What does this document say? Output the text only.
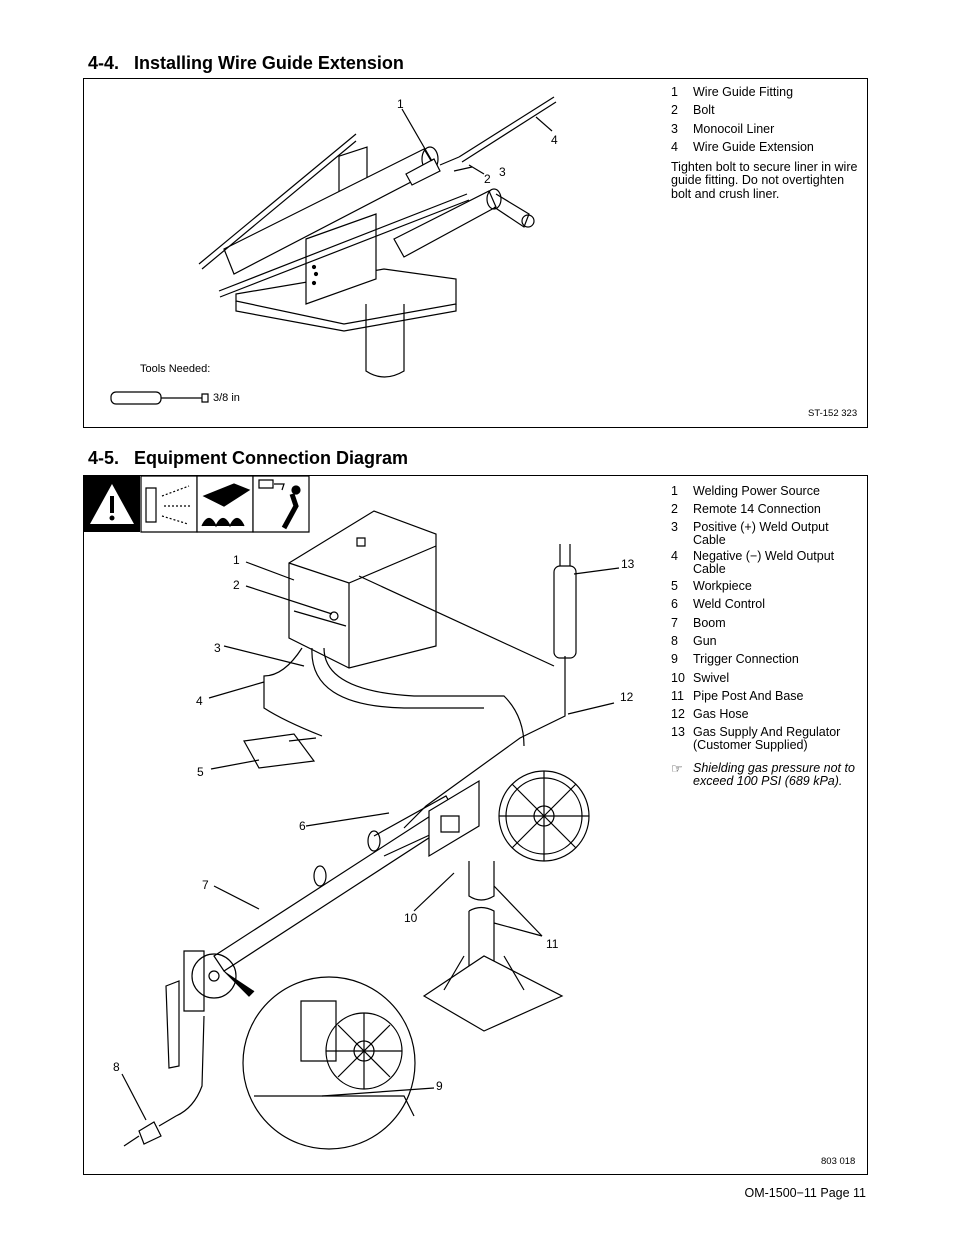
4-4.   Installing Wire Guide Extension
1
2 3
4
1	Wire Guide Fitting
2	Bolt
3	Monocoil Liner
4	Wire Guide Extension
Tighten bolt to secure liner in wire guide fitting. Do not overtighten bolt and crush liner.
Tools Needed:
3/8 in
ST-152 323
4-5.   Equipment Connection Diagram
1
2
3
4
5
6
7
8
9
10
11
12
13
1	Welding Power Source
2	Remote 14 Connection
3	Positive (+) Weld Output Cable
4	Negative (−) Weld Output Cable
5	Workpiece
6	Weld Control
7	Boom
8	Gun
9	Trigger Connection
10 Swivel
11 Pipe Post And Base
12 Gas Hose
13 Gas Supply And Regulator (Customer Supplied)
☞ Shielding gas pressure not to exceed 100 PSI (689 kPa).
803 018
OM-1500−11 Page 11
